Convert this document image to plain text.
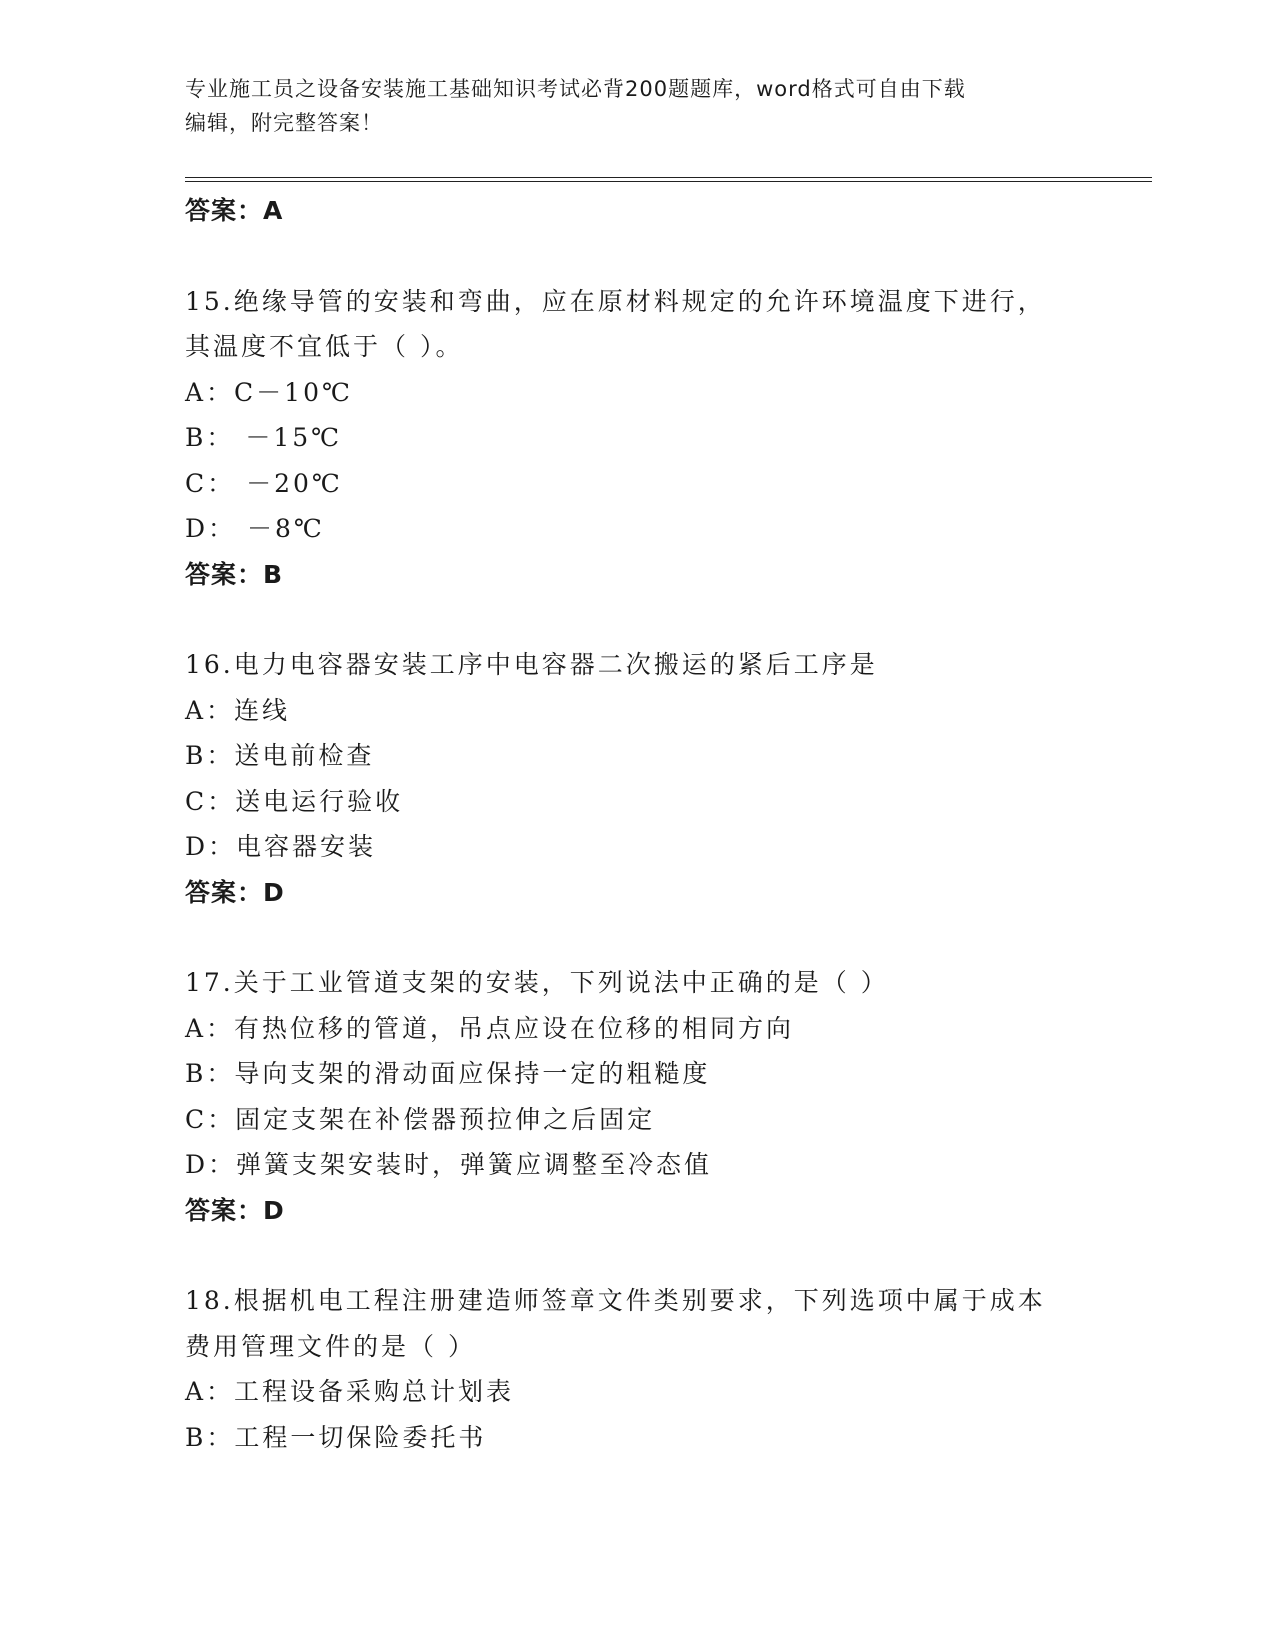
专业施工员之设备安装施工基础知识考试必背200题题库，word格式可自由下载
编辑，附完整答案！
答案：A
15.绝缘导管的安装和弯曲，应在原材料规定的允许环境温度下进行，
其温度不宜低于（ ）。
A：C－10℃
B： －15℃
C： －20℃
D： －8℃
答案：B
16.电力电容器安装工序中电容器二次搬运的紧后工序是
A：连线
B：送电前检查
C：送电运行验收
D：电容器安装
答案：D
17.关于工业管道支架的安装，下列说法中正确的是（ ）
A：有热位移的管道，吊点应设在位移的相同方向
B：导向支架的滑动面应保持一定的粗糙度
C：固定支架在补偿器预拉伸之后固定
D：弹簧支架安装时，弹簧应调整至冷态值
答案：D
18.根据机电工程注册建造师签章文件类别要求，下列选项中属于成本
费用管理文件的是（ ）
A：工程设备采购总计划表
B：工程一切保险委托书
